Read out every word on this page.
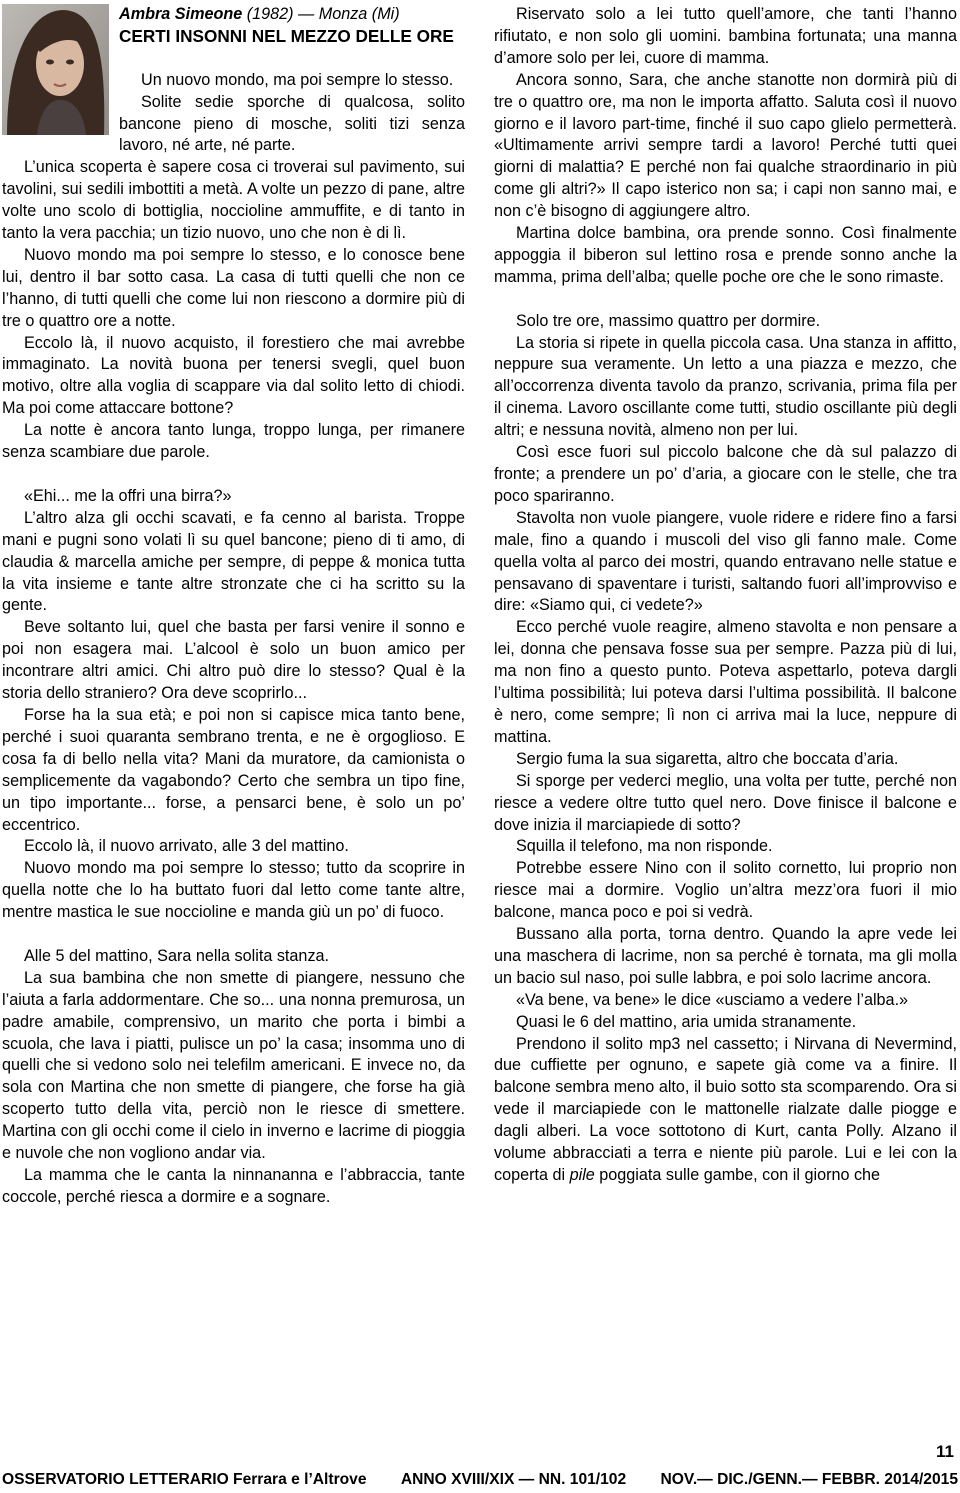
Ambra Simeone (1982) — Monza (Mi)
CERTI INSONNI NEL MEZZO DELLE ORE

Un nuovo mondo, ma poi sempre lo stesso.

Solite sedie sporche di qualcosa, solito bancone pieno di mosche, soliti tizi senza lavoro, né arte, né parte.

L’unica scoperta è sapere cosa ci troverai sul pavimento, sui tavolini, sui sedili imbottiti a metà. A volte un pezzo di pane, altre volte uno scolo di bottiglia, noccioline ammuffite, e di tanto in tanto la vera pacchia; un tizio nuovo, uno che non è di lì.

Nuovo mondo ma poi sempre lo stesso, e lo conosce bene lui, dentro il bar sotto casa. La casa di tutti quelli che non ce l’hanno, di tutti quelli che come lui non riescono a dormire più di tre o quattro ore a notte.

Eccolo là, il nuovo acquisto, il forestiero che mai avrebbe immaginato. La novità buona per tenersi svegli, quel buon motivo, oltre alla voglia di scappare via dal solito letto di chiodi. Ma poi come attaccare bottone?

La notte è ancora tanto lunga, troppo lunga, per rimanere senza scambiare due parole.

«Ehi... me la offri una birra?»

L’altro alza gli occhi scavati, e fa cenno al barista. Troppe mani e pugni sono volati lì su quel bancone; pieno di ti amo, di claudia & marcella amiche per sempre, di peppe & monica tutta la vita insieme e tante altre stronzate che ci ha scritto su la gente.

Beve soltanto lui, quel che basta per farsi venire il sonno e poi non esagera mai. L’alcool è solo un buon amico per incontrare altri amici. Chi altro può dire lo stesso? Qual è la storia dello straniero? Ora deve scoprirlo...

Forse ha la sua età; e poi non si capisce mica tanto bene, perché i suoi quaranta sembrano trenta, e ne è orgoglioso. E cosa fa di bello nella vita? Mani da muratore, da camionista o semplicemente da vagabondo? Certo che sembra un tipo fine, un tipo importante... forse, a pensarci bene, è solo un po’ eccentrico.

Eccolo là, il nuovo arrivato, alle 3 del mattino.

Nuovo mondo ma poi sempre lo stesso; tutto da scoprire in quella notte che lo ha buttato fuori dal letto come tante altre, mentre mastica le sue noccioline e manda giù un po’ di fuoco.

Alle 5 del mattino, Sara nella solita stanza.

La sua bambina che non smette di piangere, nessuno che l’aiuta a farla addormentare. Che so... una nonna premurosa, un padre amabile, comprensivo, un marito che porta i bimbi a scuola, che lava i piatti, pulisce un po’ la casa; insomma uno di quelli che si vedono solo nei telefilm americani. E invece no, da sola con Martina che non smette di piangere, che forse ha già scoperto tutto della vita, perciò non le riesce di smettere. Martina con gli occhi come il cielo in inverno e lacrime di pioggia e nuvole che non vogliono andar via.

La mamma che le canta la ninnananna e l’abbraccia, tante coccole, perché riesca a dormire e a sognare.

Riservato solo a lei tutto quell’amore, che tanti l’hanno rifiutato, e non solo gli uomini. bambina fortunata; una manna d’amore solo per lei, cuore di mamma.

Ancora sonno, Sara, che anche stanotte non dormirà più di tre o quattro ore, ma non le importa affatto. Saluta così il nuovo giorno e il lavoro part-time, finché il suo capo glielo permetterà. «Ultimamente arrivi sempre tardi a lavoro! Perché tutti quei giorni di malattia? E perché non fai qualche straordinario in più come gli altri?» Il capo isterico non sa; i capi non sanno mai, e non c’è bisogno di aggiungere altro.

Martina dolce bambina, ora prende sonno. Così finalmente appoggia il biberon sul lettino rosa e prende sonno anche la mamma, prima dell’alba; quelle poche ore che le sono rimaste.

Solo tre ore, massimo quattro per dormire.

La storia si ripete in quella piccola casa. Una stanza in affitto, neppure sua veramente. Un letto a una piazza e mezzo, che all’occorrenza diventa tavolo da pranzo, scrivania, prima fila per il cinema. Lavoro oscillante come tutti, studio oscillante più degli altri; e nessuna novità, almeno non per lui.

Così esce fuori sul piccolo balcone che dà sul palazzo di fronte; a prendere un po’ d’aria, a giocare con le stelle, che tra poco spariranno.

Stavolta non vuole piangere, vuole ridere e ridere fino a farsi male, fino a quando i muscoli del viso gli fanno male. Come quella volta al parco dei mostri, quando entravano nelle statue e pensavano di spaventare i turisti, saltando fuori all’improvviso e dire: «Siamo qui, ci vedete?»

Ecco perché vuole reagire, almeno stavolta e non pensare a lei, donna che pensava fosse sua per sempre. Pazza più di lui, ma non fino a questo punto. Poteva aspettarlo, poteva dargli l’ultima possibilità; lui poteva darsi l’ultima possibilità. Il balcone è nero, come sempre; lì non ci arriva mai la luce, neppure di mattina.

Sergio fuma la sua sigaretta, altro che boccata d’aria.

Si sporge per vederci meglio, una volta per tutte, perché non riesce a vedere oltre tutto quel nero. Dove finisce il balcone e dove inizia il marciapiede di sotto?

Squilla il telefono, ma non risponde.

Potrebbe essere Nino con il solito cornetto, lui proprio non riesce mai a dormire. Voglio un’altra mezz’ora fuori il mio balcone, manca poco e poi si vedrà.

Bussano alla porta, torna dentro. Quando la apre vede lei una maschera di lacrime, non sa perché è tornata, ma gli molla un bacio sul naso, poi sulle labbra, e poi solo lacrime ancora.

«Va bene, va bene» le dice «usciamo a vedere l’alba.»

Quasi le 6 del mattino, aria umida stranamente.

Prendono il solito mp3 nel cassetto; i Nirvana di Nevermind, due cuffiette per ognuno, e sapete già come va a finire. Il balcone sembra meno alto, il buio sotto sta scomparendo. Ora si vede il marciapiede con le mattonelle rialzate dalle piogge e dagli alberi. La voce sottotono di Kurt, canta Polly. Alzano il volume abbracciati a terra e niente più parole. Lui e lei con la coperta di pile poggiata sulle gambe, con il giorno che

11
OSSERVATORIO LETTERARIO Ferrara e l’Altrove ANNO XVIII/XIX — NN. 101/102 NOV.— DIC./GENN.— FEBBR. 2014/2015
